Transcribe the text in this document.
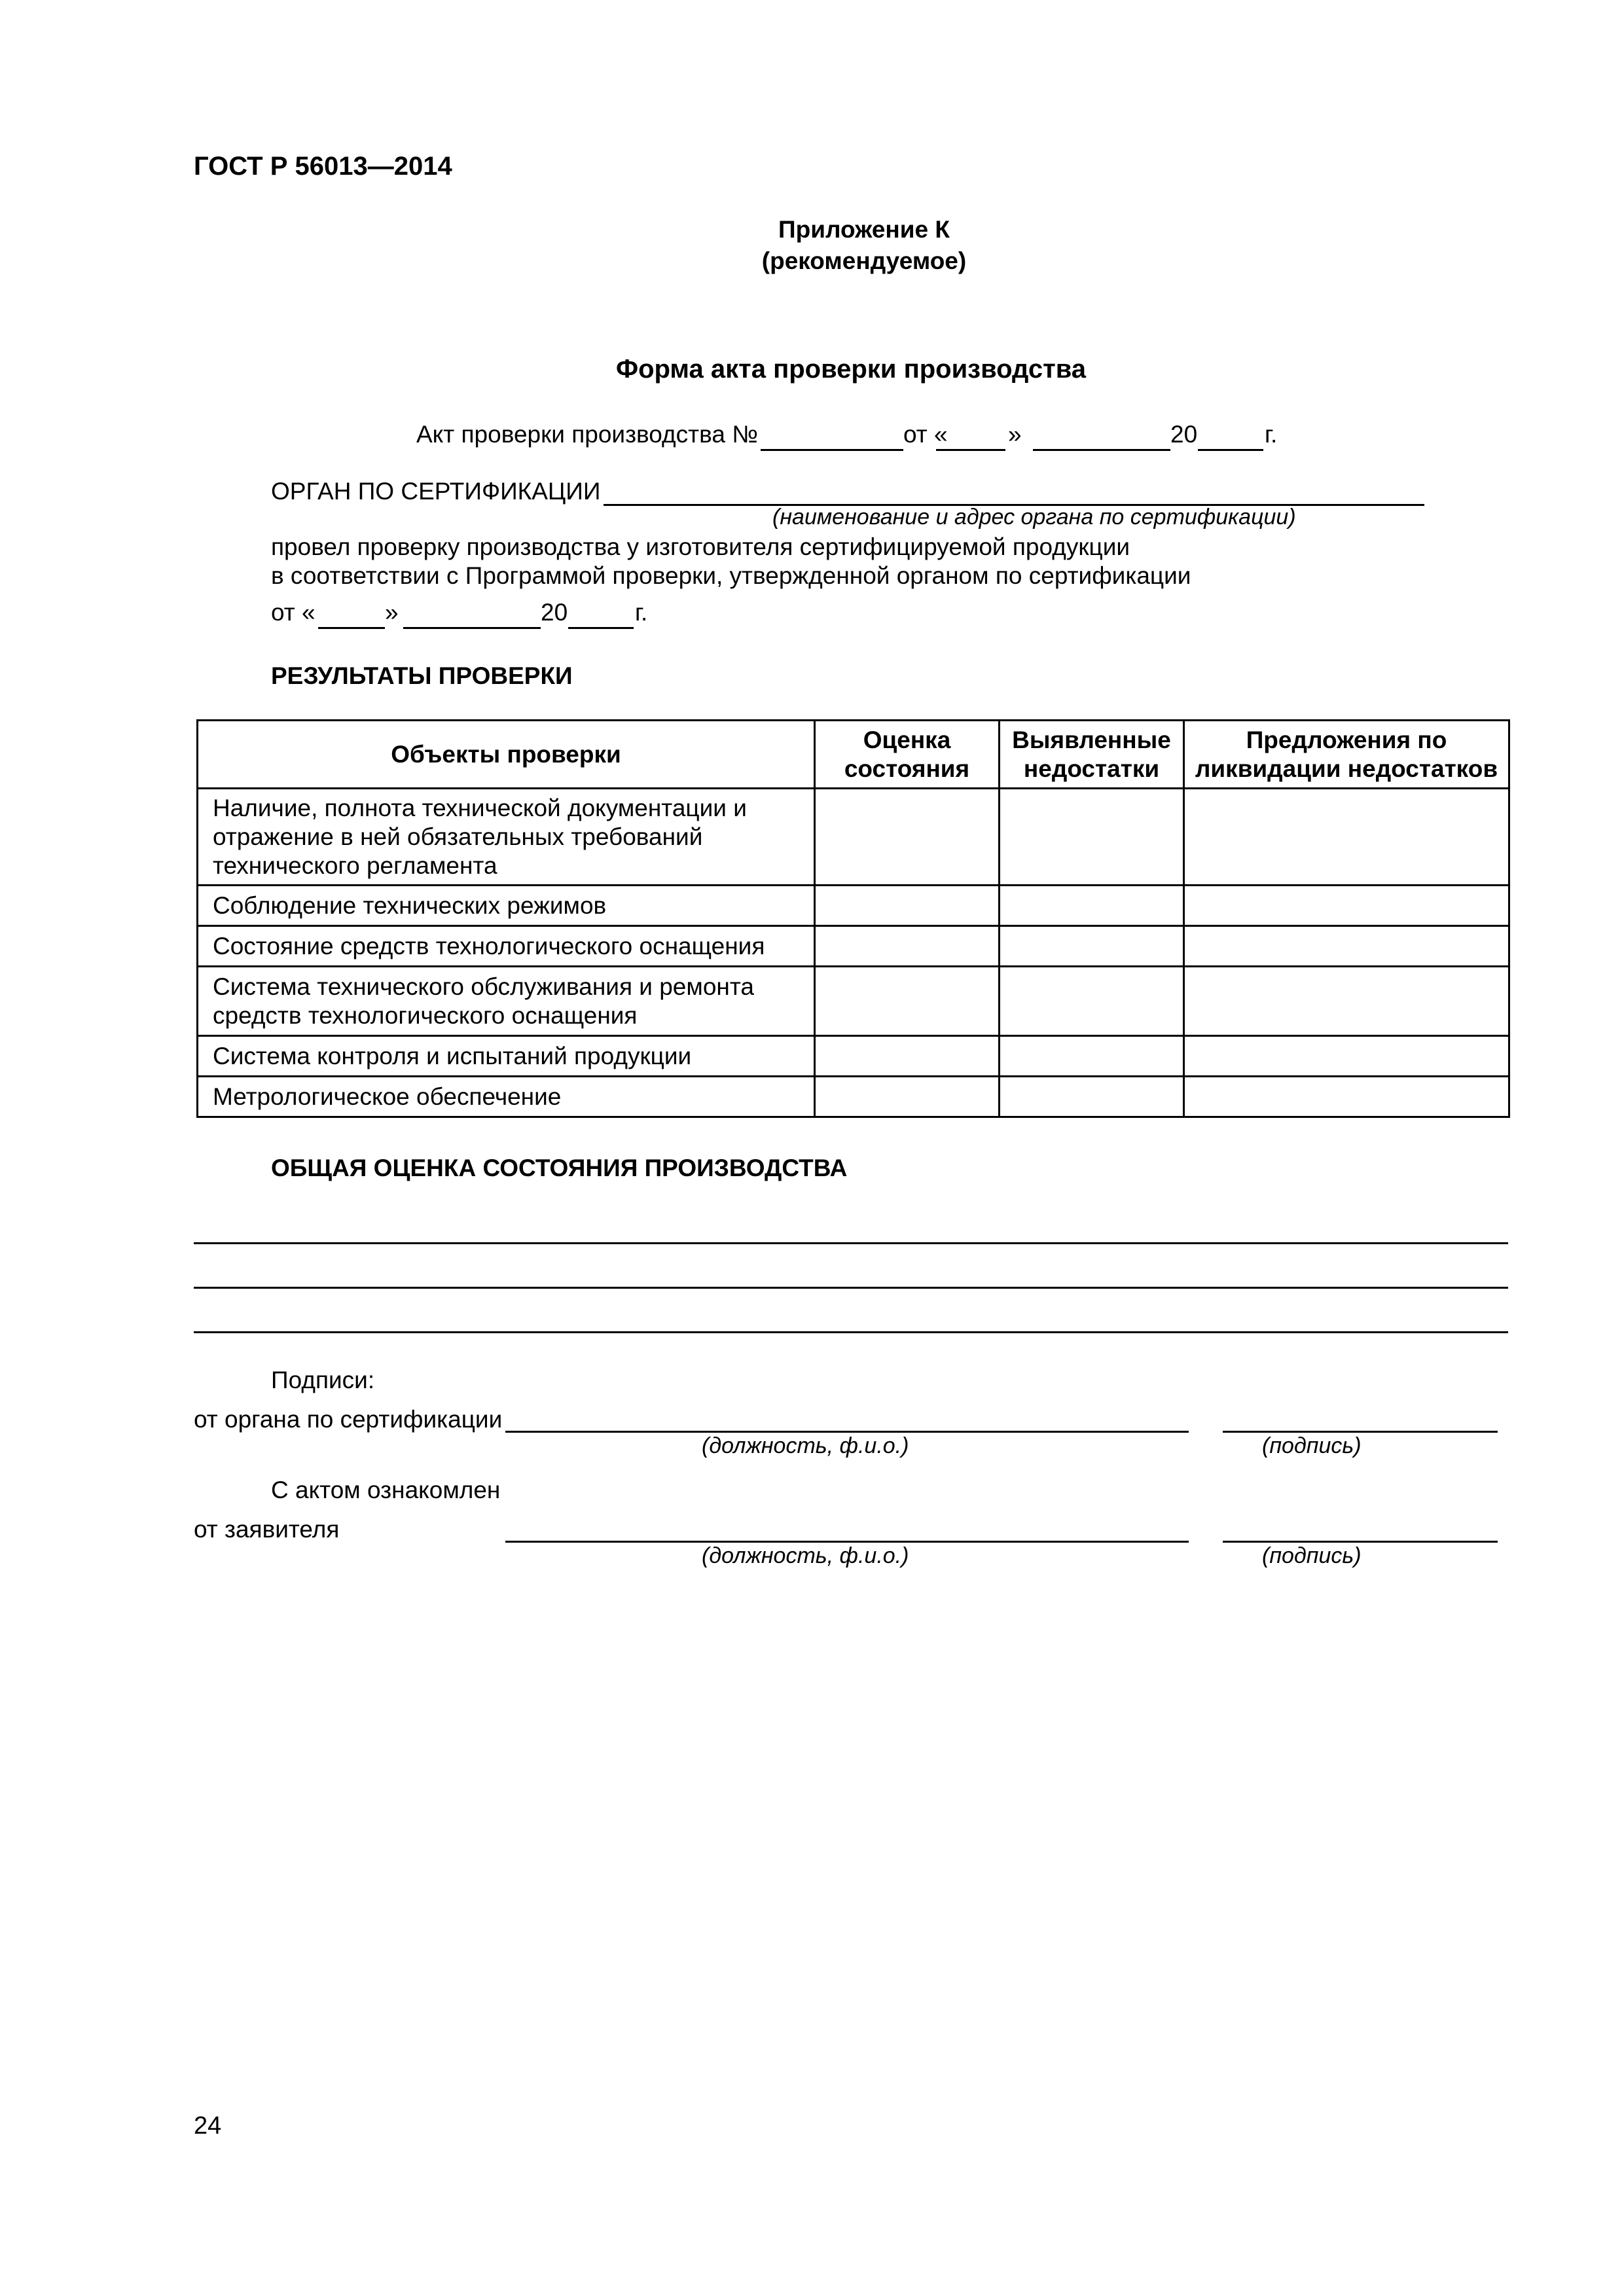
ГОСТ Р 56013—2014
Приложение К
(рекомендуемое)
Форма акта проверки производства
Акт проверки производства №	от « »	20	г.
ОРГАН ПО СЕРТИФИКАЦИИ
(наименование и адрес органа по сертификации)
провел проверку производства у изготовителя сертифицируемой продукции
в соответствии с Программой проверки, утвержденной органом по сертификации
от «	»	20	г.
РЕЗУЛЬТАТЫ ПРОВЕРКИ
Объекты проверки	Оценка состояния	Выявленные недостатки	Предложения по ликвидации недостатков
Наличие, полнота технической документации и отражение в ней обязательных требований технического регламента			
Соблюдение технических режимов			
Состояние средств технологического оснащения			
Система технического обслуживания и ремонта средств технологического оснащения			
Система контроля и испытаний продукции			
Метрологическое обеспечение			
ОБЩАЯ ОЦЕНКА СОСТОЯНИЯ ПРОИЗВОДСТВА
Подписи:
от органа по сертификации
(должность, ф.и.о.)	(подпись)
С актом ознакомлен
от заявителя
(должность, ф.и.о.)	(подпись)
24
